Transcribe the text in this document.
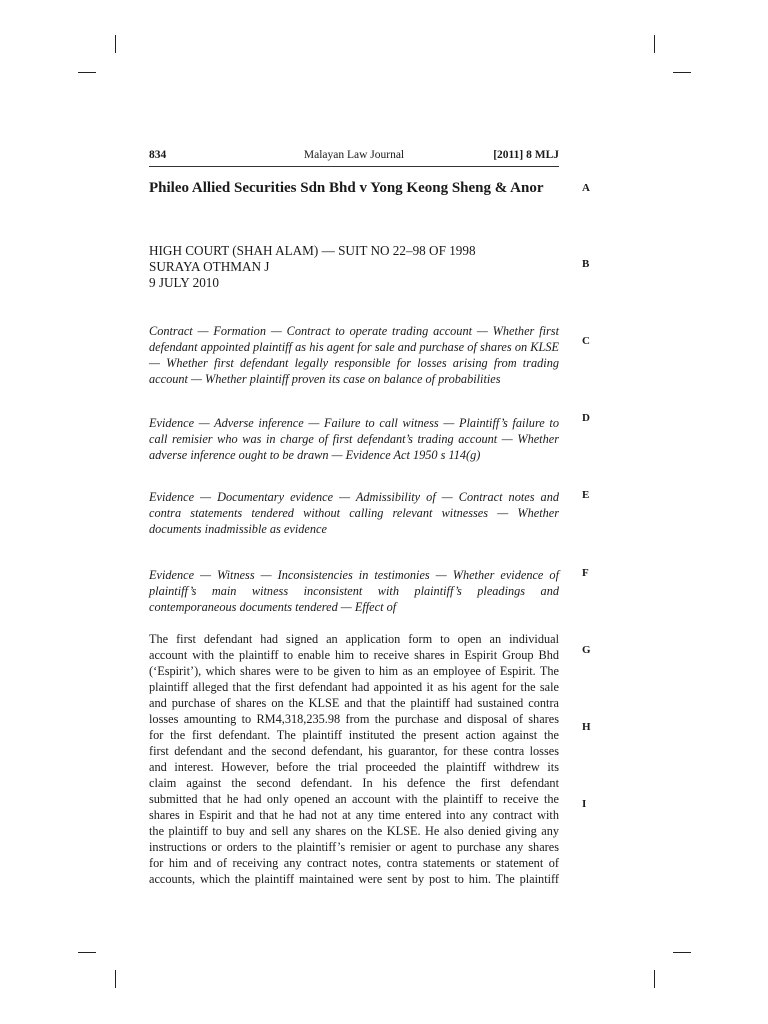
834	Malayan Law Journal	[2011] 8 MLJ
Phileo Allied Securities Sdn Bhd v Yong Keong Sheng & Anor
HIGH COURT (SHAH ALAM) — SUIT NO 22–98 OF 1998
SURAYA OTHMAN J
9 JULY 2010
Contract — Formation — Contract to operate trading account — Whether first defendant appointed plaintiff as his agent for sale and purchase of shares on KLSE — Whether first defendant legally responsible for losses arising from trading account — Whether plaintiff proven its case on balance of probabilities
Evidence — Adverse inference — Failure to call witness — Plaintiff’s failure to call remisier who was in charge of first defendant’s trading account — Whether adverse inference ought to be drawn — Evidence Act 1950 s 114(g)
Evidence — Documentary evidence — Admissibility of — Contract notes and contra statements tendered without calling relevant witnesses — Whether documents inadmissible as evidence
Evidence — Witness — Inconsistencies in testimonies — Whether evidence of plaintiff’s main witness inconsistent with plaintiff’s pleadings and contemporaneous documents tendered — Effect of
The first defendant had signed an application form to open an individual
account with the plaintiff to enable him to receive shares in Espirit Group Bhd
(‘Espirit’), which shares were to be given to him as an employee of Espirit. The
plaintiff alleged that the first defendant had appointed it as his agent for the sale
and purchase of shares on the KLSE and that the plaintiff had sustained contra
losses amounting to RM4,318,235.98 from the purchase and disposal of shares
for the first defendant. The plaintiff instituted the present action against the
first defendant and the second defendant, his guarantor, for these contra losses
and interest. However, before the trial proceeded the plaintiff withdrew its
claim against the second defendant. In his defence the first defendant
submitted that he had only opened an account with the plaintiff to receive the
shares in Espirit and that he had not at any time entered into any contract with
the plaintiff to buy and sell any shares on the KLSE. He also denied giving any
instructions or orders to the plaintiff’s remisier or agent to purchase any shares
for him and of receiving any contract notes, contra statements or statement of
accounts, which the plaintiff maintained were sent by post to him. The plaintiff
A
B
C
D
E
F
G
H
I
